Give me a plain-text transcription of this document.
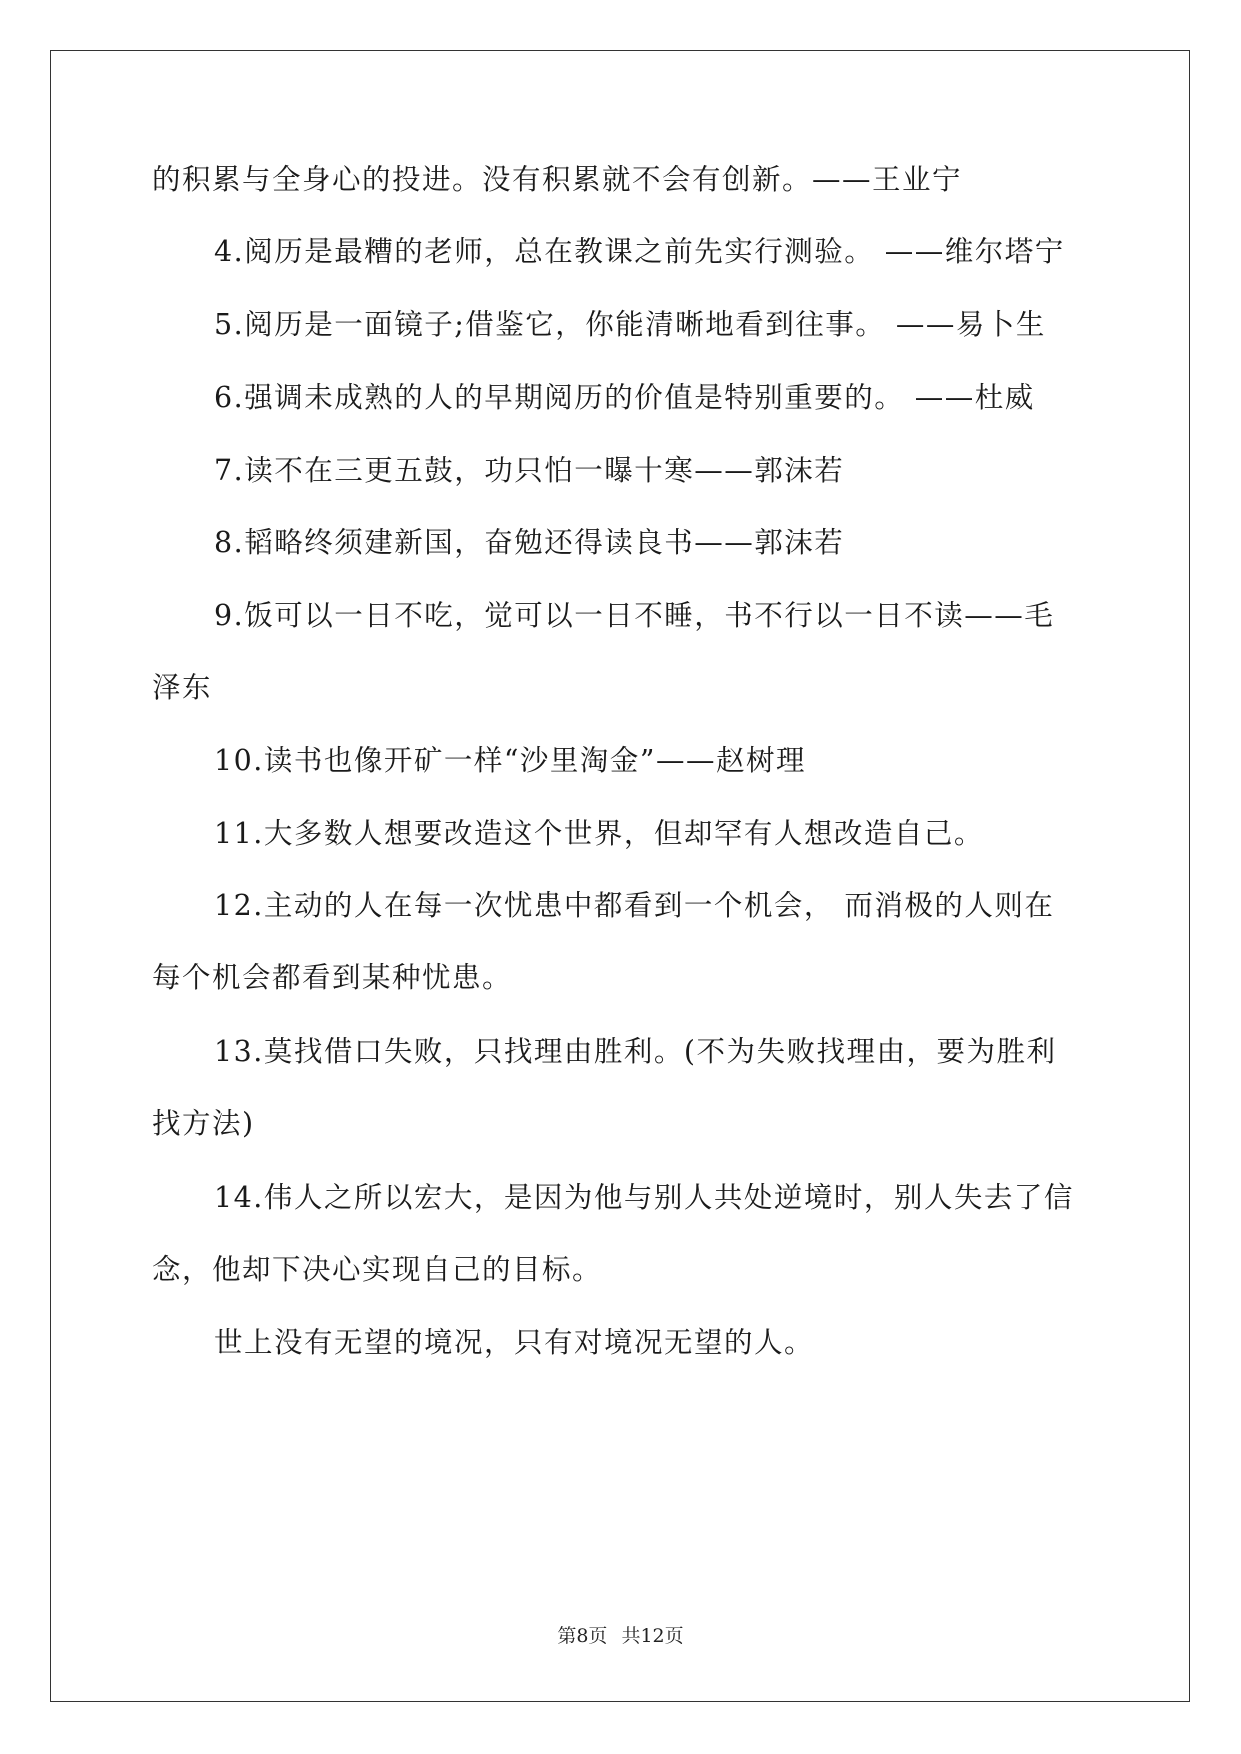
的积累与全身心的投进。没有积累就不会有创新。——王业宁
4.阅历是最糟的老师，总在教课之前先实行测验。 ——维尔塔宁
5.阅历是一面镜子;借鉴它，你能清晰地看到往事。 ——易卜生
6.强调未成熟的人的早期阅历的价值是特别重要的。 ——杜威
7.读不在三更五鼓，功只怕一曝十寒——郭沫若
8.韬略终须建新国，奋勉还得读良书——郭沫若
9.饭可以一日不吃，觉可以一日不睡，书不行以一日不读——毛
泽东
10.读书也像开矿一样“沙里淘金”——赵树理
11.大多数人想要改造这个世界，但却罕有人想改造自己。
12.主动的人在每一次忧患中都看到一个机会， 而消极的人则在
每个机会都看到某种忧患。
13.莫找借口失败，只找理由胜利。(不为失败找理由，要为胜利
找方法)
14.伟人之所以宏大，是因为他与别人共处逆境时，别人失去了信
念，他却下决心实现自己的目标。
世上没有无望的境况，只有对境况无望的人。
第8页 共12页
